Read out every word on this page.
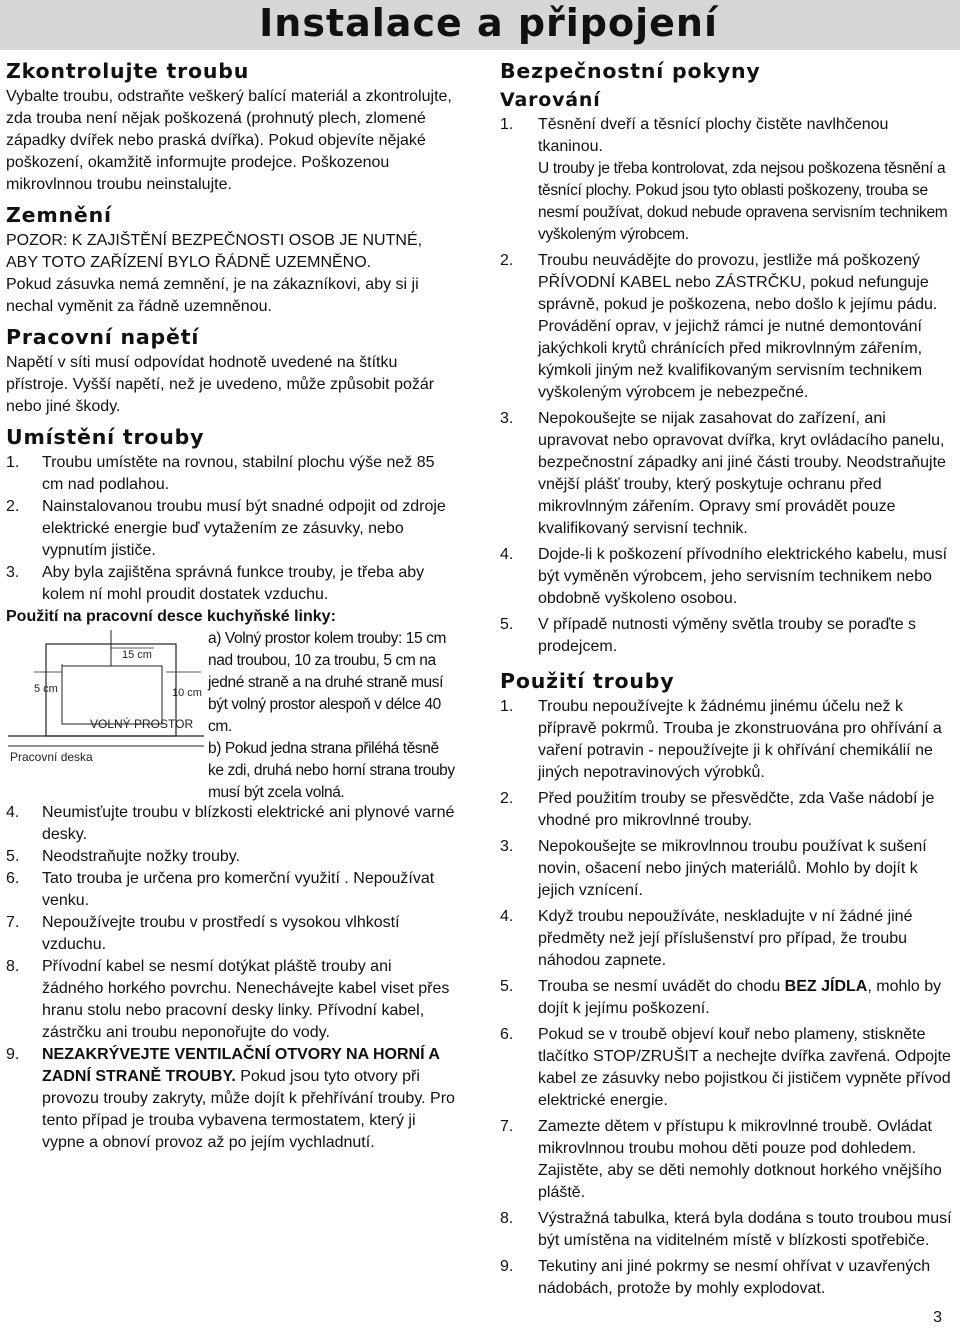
Instalace a připojení
Zkontrolujte troubu

Vybalte troubu, odstraňte veškerý balící materiál a zkontrolujte, zda trouba není nějak poškozená (prohnutý plech, zlomené západky dvířek nebo praská dvířka). Pokud objevíte nějaké poškození, okamžitě informujte prodejce. Poškozenou mikrovlnnou troubu neinstalujte.

Zemnění

POZOR: K ZAJIŠTĚNÍ BEZPEČNOSTI OSOB JE NUTNÉ, ABY TOTO ZAŘÍZENÍ BYLO ŘÁDNĚ UZEMNĚNO.

Pokud zásuvka nemá zemnění, je na zákazníkovi, aby si ji nechal vyměnit za řádně uzemněnou.

Pracovní napětí

Napětí v síti musí odpovídat hodnotě uvedené na štítku přístroje. Vyšší napětí, než je uvedeno, může způsobit požár nebo jiné škody.

Umístění trouby
1. Troubu umístěte na rovnou, stabilní plochu výše než 85 cm nad podlahou.
2. Nainstalovanou troubu musí být snadné odpojit od zdroje elektrické energie buď vytažením ze zásuvky, nebo vypnutím jističe.
3. Aby byla zajištěna správná funkce trouby, je třeba aby kolem ní mohl proudit dostatek vzduchu.
Použití na pracovní desce kuchyňské linky:
15 cm
5 cm	10 cm
VOLNÝ PROSTOR
Pracovní deska
a) Volný prostor kolem trouby: 15 cm nad troubou, 10 za troubu, 5 cm na jedné straně a na druhé straně musí být volný prostor alespoň v délce 40 cm.
b) Pokud jedna strana přiléhá těsně ke zdi, druhá nebo horní strana trouby musí být zcela volná.
4. Neumisťujte troubu v blízkosti elektrické ani plynové varné desky.
5. Neodstraňujte nožky trouby.
6. Tato trouba je určena pro komerční využití . Nepoužívat venku.
7. Nepoužívejte troubu v prostředí s vysokou vlhkostí vzduchu.
8. Přívodní kabel se nesmí dotýkat pláště trouby ani žádného horkého povrchu. Nenechávejte kabel viset přes hranu stolu nebo pracovní desky linky. Přívodní kabel, zástrčku ani troubu neponořujte do vody.
9. NEZAKRÝVEJTE VENTILAČNÍ OTVORY NA HORNÍ A ZADNÍ STRANĚ TROUBY. Pokud jsou tyto otvory při provozu trouby zakryty, může dojít k přehřívání trouby. Pro tento případ je trouba vybavena termostatem, který ji vypne a obnoví provoz až po jejím vychladnutí.
Bezpečnostní pokyny
Varování
1. Těsnění dveří a těsnící plochy čistěte navlhčenou tkaninou.
U trouby je třeba kontrolovat, zda nejsou poškozena těsnění a těsnící plochy. Pokud jsou tyto oblasti poškozeny, trouba se nesmí používat, dokud nebude opravena servisním technikem vyškoleným výrobcem.
2. Troubu neuvádějte do provozu, jestliže má poškozený PŘÍVODNÍ KABEL nebo ZÁSTRČKU, pokud nefunguje správně, pokud je poškozena, nebo došlo k jejímu pádu. Provádění oprav, v jejichž rámci je nutné demontování jakýchkoli krytů chránících před mikrovlnným zářením, kýmkoli jiným než kvalifikovaným servisním technikem vyškoleným výrobcem je nebezpečné.
3. Nepokoušejte se nijak zasahovat do zařízení, ani upravovat nebo opravovat dvířka, kryt ovládacího panelu, bezpečnostní západky ani jiné části trouby. Neodstraňujte vnější plášť trouby, který poskytuje ochranu před mikrovlnným zářením. Opravy smí provádět pouze kvalifikovaný servisní technik.
4. Dojde-li k poškození přívodního elektrického kabelu, musí být vyměněn výrobcem, jeho servisním technikem nebo obdobně vyškoleno osobou.
5. V případě nutnosti výměny světla trouby se poraďte s prodejcem.
Použití trouby
1. Troubu nepoužívejte k žádnému jinému účelu než k přípravě pokrmů. Trouba je zkonstruována pro ohřívání a vaření potravin - nepoužívejte ji k ohřívání chemikálií ne jiných nepotravinových výrobků.
2. Před použitím trouby se přesvědčte, zda Vaše nádobí je vhodné pro mikrovlnné trouby.
3. Nepokoušejte se mikrovlnnou troubu používat k sušení novin, ošacení nebo jiných materiálů. Mohlo by dojít k jejich vznícení.
4. Když troubu nepoužíváte, neskladujte v ní žádné jiné předměty než její příslušenství pro případ, že troubu náhodou zapnete.
5. Trouba se nesmí uvádět do chodu BEZ JÍDLA, mohlo by dojít k jejímu poškození.
6. Pokud se v troubě objeví kouř nebo plameny, stiskněte tlačítko STOP/ZRUŠIT a nechejte dvířka zavřená. Odpojte kabel ze zásuvky nebo pojistkou či jističem vypněte přívod elektrické energie.
7. Zamezte dětem v přístupu k mikrovlnné troubě. Ovládat mikrovlnnou troubu mohou děti pouze pod dohledem. Zajistěte, aby se děti nemohly dotknout horkého vnějšího pláště.
8. Výstražná tabulka, která byla dodána s touto troubou musí být umístěna na viditelném místě v blízkosti spotřebiče.
9. Tekutiny ani jiné pokrmy se nesmí ohřívat v uzavřených nádobách, protože by mohly explodovat.
3
